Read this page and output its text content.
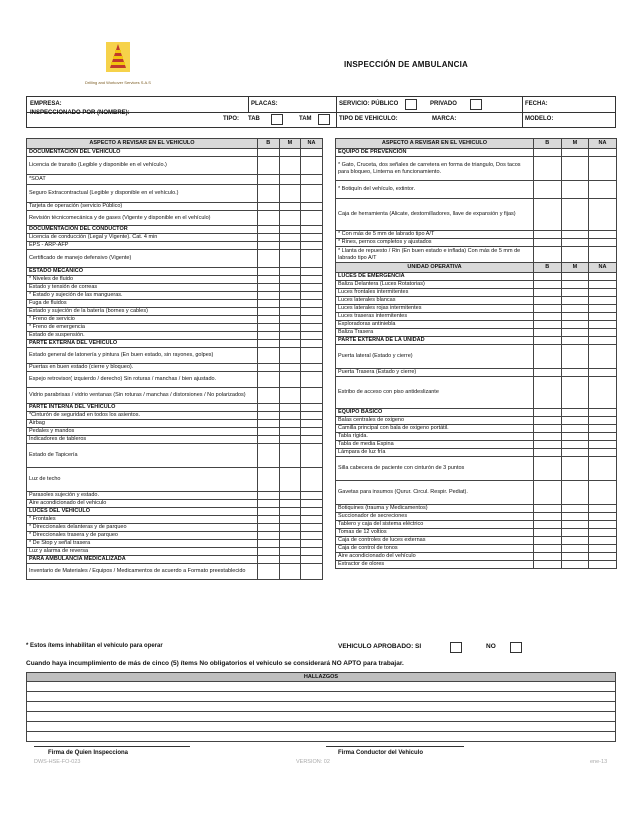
Drilling and Workover Services S.A.S
INSPECCIÓN DE AMBULANCIA
EMPRESA:	PLACAS:	SERVICIO: PÚBLICO	PRIVADO	FECHA:
INSPECCIONADO POR (NOMBRE):
TIPO: TAB	TAM	TIPO DE VEHICULO:	MARCA:	MODELO:
ASPECTO A REVISAR EN EL VEHICULO	B	M	NA
DOCUMENTACIÓN DEL VEHICULO			
Licencia de transito (Legible y disponible en el vehículo.)			
*SOAT			
Seguro Extracontractual (Legible y disponible en el vehículo.)			
Tarjeta de operación (servicio Público)			
Revisión técnicomecánica y de gases (Vigente y disponible en el vehículo)			
DOCUMENTACIÓN DEL CONDUCTOR			
Licencia de conducción (Legal y Vigente). Cat. 4 min			
EPS - ARP-AFP			
Certificado de manejo defensivo (Vigente)			
ESTADO MECÁNICO			
* Niveles de fluido			
Estado y tensión de correas			
* Estado y sujeción de las mangueras.			
Fuga de fluidos			
Estado y sujeción de la batería (bornes y cables)			
* Freno de servicio			
* Freno de emergencia			
Estado de suspensión.			
PARTE EXTERNA DEL VEHICULO			
Estado general de latonería y pintura (En buen estado, sin rayones, golpes)			
Puertas en buen estado (cierre y bloqueo).			
Espejo retrovisor( izquierdo / derecho) Sin roturas / manchas / bien ajustado.			
Vidrio parabrisas / vidrio ventanas (Sin roturas / manchas / distorsiones / No polarizados)			
PARTE INTERNA DEL VEHICULO			
*Cinturón de seguridad en todos los asientos.			
Airbag			
Pedales y mandos			
Indicadores de tableros			
Estado de Tapicería			
Luz de techo			
Parasoles sujeción y estado.			
Aire acondicionado del vehiculo			
LUCES DEL VEHICULO			
* Frontales			
* Direccionales delanteras y de parqueo			
* Direccionales trasera y de parqueo			
* De Stop y señal trasera			
Luz y alarma de reversa			
PARA AMBULANCIA MEDICALIZADA			
Inventario de Materiales / Equipos / Medicamentos de acuerdo a Formato preestablecido			
ASPECTO A REVISAR EN EL VEHICULO	B	M	NA
EQUIPO DE PREVENCIÓN			
* Gato, Cruceta, dos señales de carretera en forma de triangulo, Dos tacos para bloqueo, Linterna en funcionamiento.			
* Botiquín del vehículo, extintor.			
Caja de herramienta (Alicate, destornilladores, llave de expansión y fijas)			
* Con más de 5 mm de labrado tipo A/T			
* Rines, pernos completos y ajustados			
* Llanta de repuesto / Rin (En buen estado e inflada) Con más de 5 mm de labrado tipo A/T			
UNIDAD OPERATIVA	B	M	NA
LUCES DE EMERGENCIA			
Baliza Delantera (Luces Rotatorias)			
Luces frontales intermitentes			
Luces laterales blancas			
Luces laterales rojas intermitentes			
Luces traseras intermitentes			
Exploradoras antiniebla			
Baliza Trasera			
PARTE EXTERNA DE LA UNIDAD			
Puerta lateral (Estado y cierre)			
Puerta Trasera (Estado y cierre)			
Estribo de acceso con piso antideslizante			
EQUIPO BÁSICO			
Balas centrales de oxigeno			
Camilla principal con bala de oxigeno portátil.			
Tabla rígida.			
Tabla de media Espina			
Lámpara de luz fría			
Silla cabecera de paciente con cinturón de 3 puntos			
Gavetas para insumos (Qurur. Circul. Respir. Pediat).			
Botiquines (trauma y Medicamentos)			
Succionador de secreciones			
Tablero y caja del sistema eléctrico			
Tomas de 12 voltios			
Caja de controles de luces externas			
Caja de control de tonos			
Aire acondicionado del vehículo			
Extractor de olores			
* Estos ítems inhabilitan el vehiculo para operar	VEHICULO APROBADO: SI	NO
Cuando haya incumplimiento de más de cinco (5) ítems No obligatorios el vehiculo se considerará NO APTO para trabajar.
HALLAZGOS

Firma de Quien Inspecciona	Firma Conductor del Vehiculo
DWS-HSE-FO-023	VERSION: 02	ene-13
